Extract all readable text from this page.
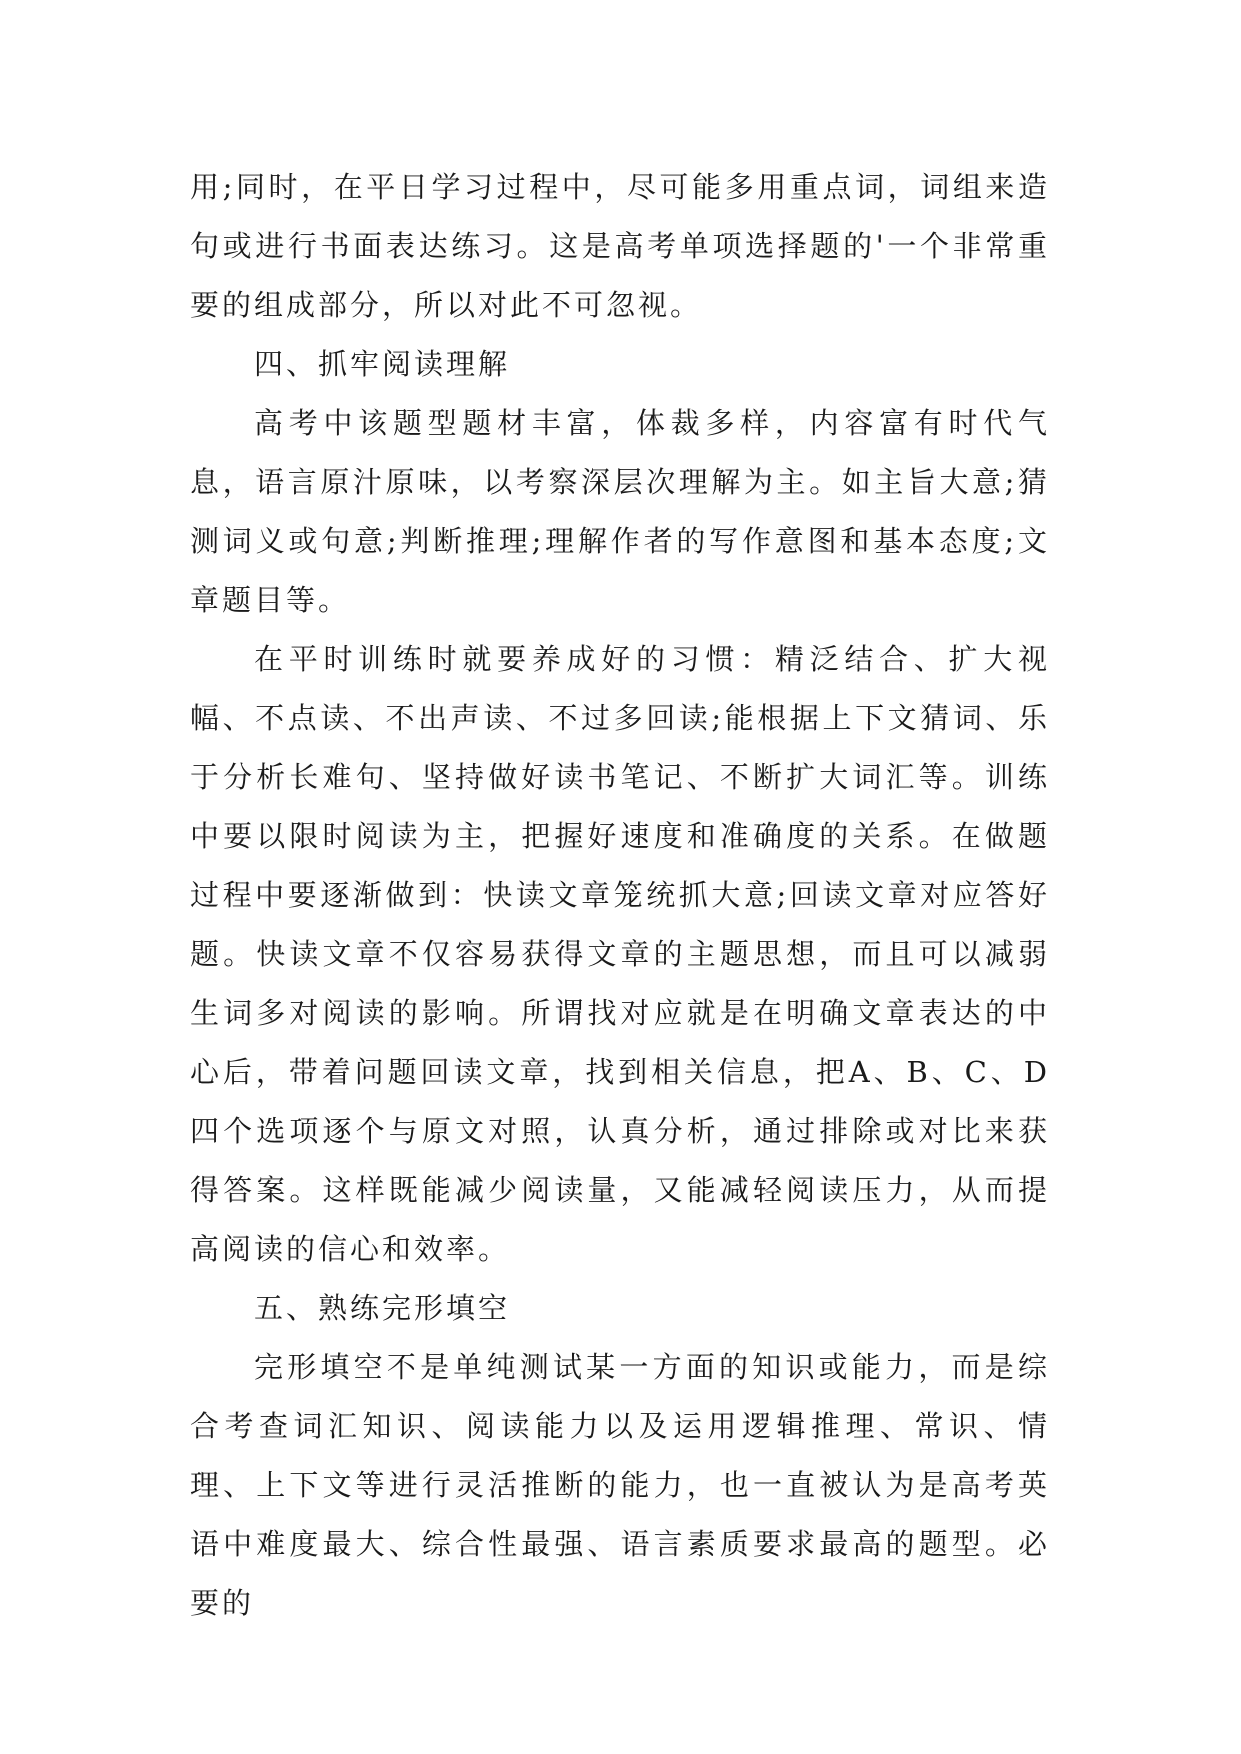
用;同时，在平日学习过程中，尽可能多用重点词，词组来造句或进行书面表达练习。这是高考单项选择题的'一个非常重要的组成部分，所以对此不可忽视。

四、抓牢阅读理解

高考中该题型题材丰富，体裁多样，内容富有时代气息，语言原汁原味，以考察深层次理解为主。如主旨大意;猜测词义或句意;判断推理;理解作者的写作意图和基本态度;文章题目等。

在平时训练时就要养成好的习惯：精泛结合、扩大视幅、不点读、不出声读、不过多回读;能根据上下文猜词、乐于分析长难句、坚持做好读书笔记、不断扩大词汇等。训练中要以限时阅读为主，把握好速度和准确度的关系。在做题过程中要逐渐做到：快读文章笼统抓大意;回读文章对应答好题。快读文章不仅容易获得文章的主题思想，而且可以减弱生词多对阅读的影响。所谓找对应就是在明确文章表达的中心后，带着问题回读文章，找到相关信息，把A、B、C、D四个选项逐个与原文对照，认真分析，通过排除或对比来获得答案。这样既能减少阅读量，又能减轻阅读压力，从而提高阅读的信心和效率。

五、熟练完形填空

完形填空不是单纯测试某一方面的知识或能力，而是综合考查词汇知识、阅读能力以及运用逻辑推理、常识、情理、上下文等进行灵活推断的能力，也一直被认为是高考英语中难度最大、综合性最强、语言素质要求最高的题型。必要的
